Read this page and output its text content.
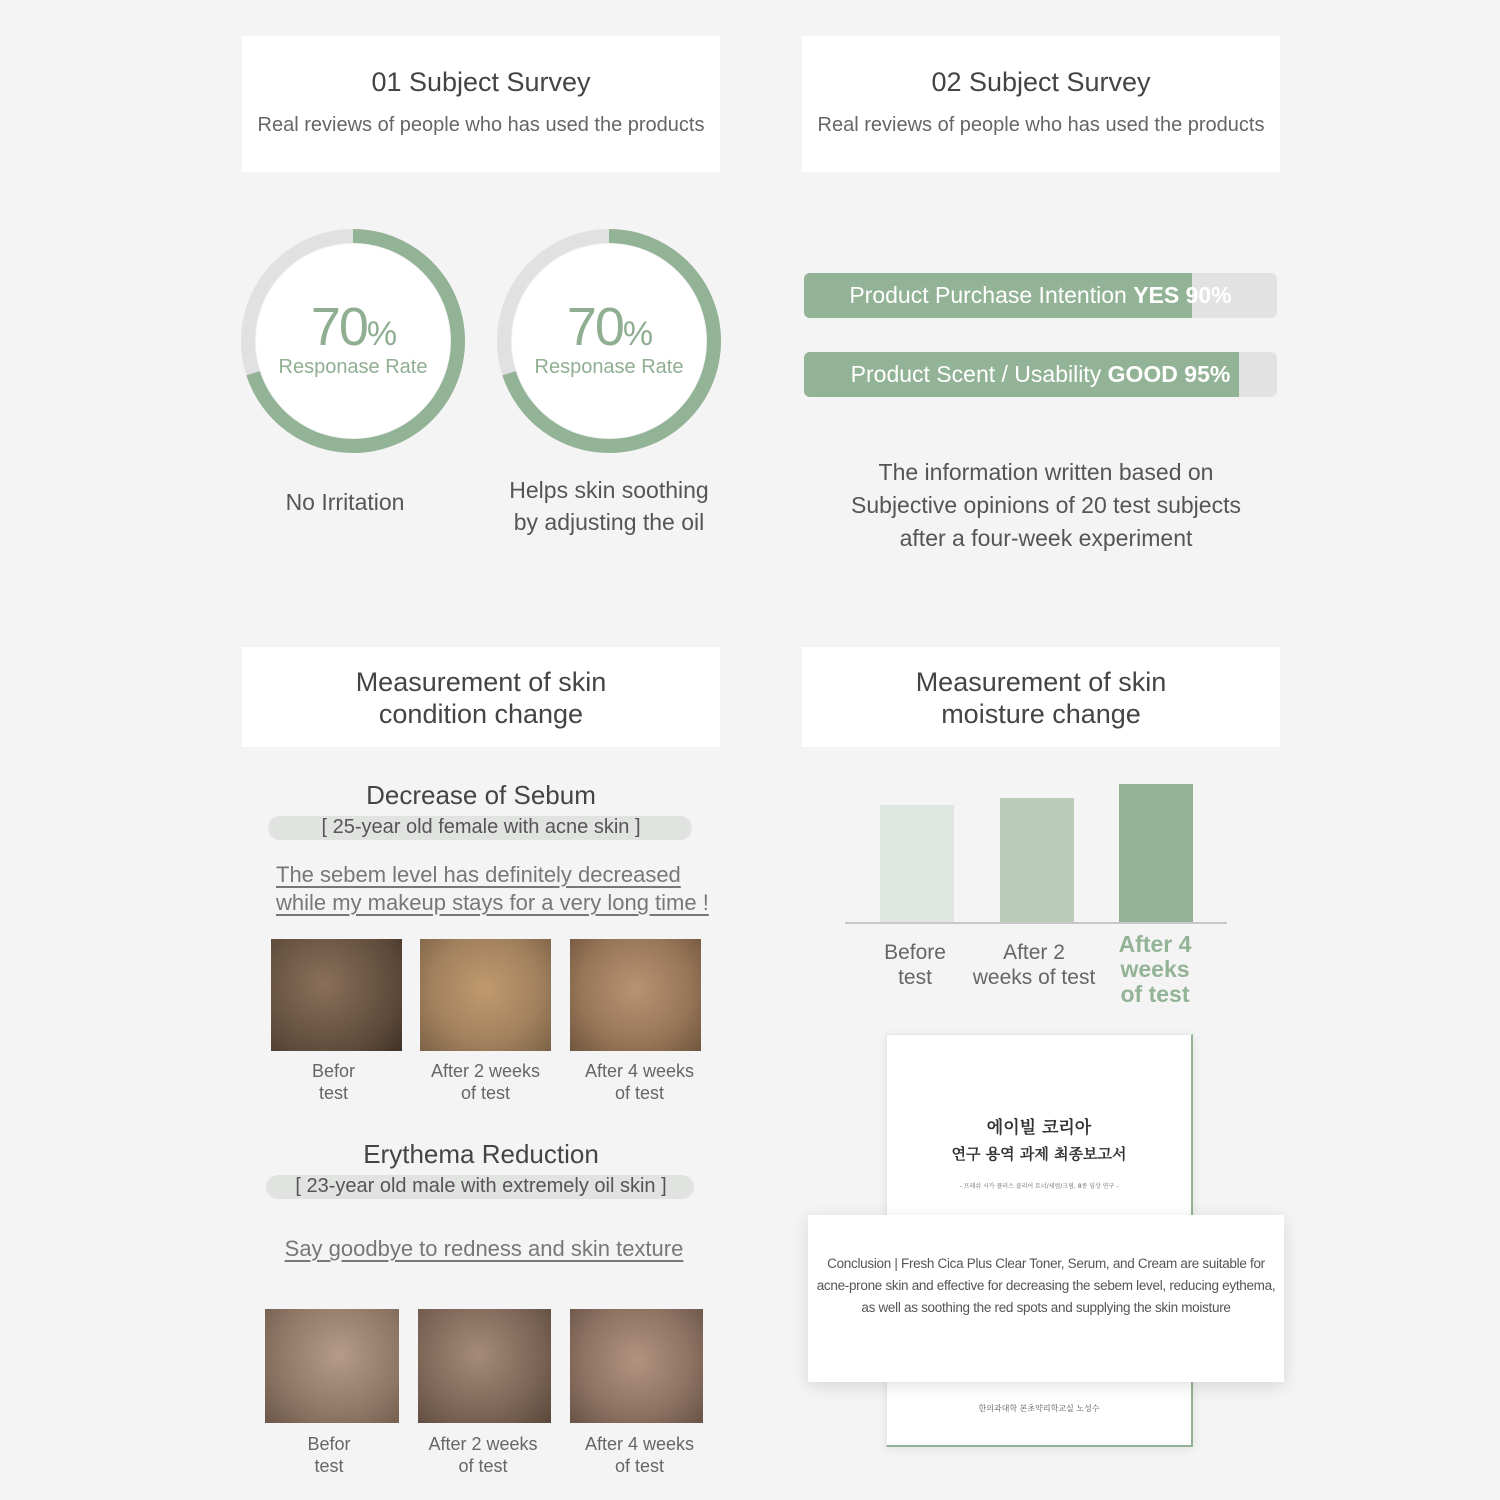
01 Subject Survey
Real reviews of people who has used the products
02 Subject Survey
Real reviews of people who has used the products
70%
Responase Rate
70%
Responase Rate
No Irritation	Helps skin soothing
by adjusting the oil
Product Purchase Intention YES 90%
Product Scent / Usability GOOD 95%
The information written based on
Subjective opinions of 20 test subjects
after a four-week experiment
Measurement of skin
condition change
Measurement of skin
moisture change
Decrease of Sebum
[ 25-year old female with acne skin ]
The sebem level has definitely decreased
while my makeup stays for a very long time !
Befor
test
After 2 weeks
of test
After 4 weeks
of test
Erythema Reduction
[ 23-year old male with extremely oil skin ]
Say goodbye to redness and skin texture
Befor
test
After 2 weeks
of test
After 4 weeks
of test
Before
test
After 2
weeks of test
After 4
weeks
of test
에이빌 코리아
연구 용역 과제 최종보고서
- 프레쉬 시카 플러스 클리어 토너/세럼/크림, 8종 임상 연구 -
한의과대학 본초약리학교실 노성수

Conclusion | Fresh Cica Plus Clear Toner, Serum, and Cream are suitable for acne-prone skin and effective for decreasing the sebem level, reducing eythema, as well as soothing the red spots and supplying the skin moisture
